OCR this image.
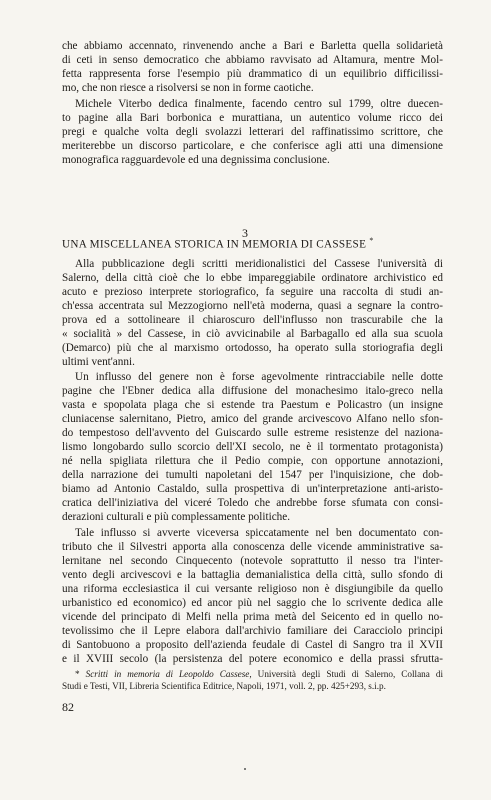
che abbiamo accennato, rinvenendo anche a Bari e Barletta quella solidarietà
di ceti in senso democratico che abbiamo ravvisato ad Altamura, mentre Mol-
fetta rappresenta forse l'esempio più drammatico di un equilibrio difficilissi-
mo, che non riesce a risolversi se non in forme caotiche.
Michele Viterbo dedica finalmente, facendo centro sul 1799, oltre duecen-
to pagine alla Bari borbonica e murattiana, un autentico volume ricco dei
pregi e qualche volta degli svolazzi letterari del raffinatissimo scrittore, che
meriterebbe un discorso particolare, e che conferisce agli atti una dimensione
monografica ragguardevole ed una degnissima conclusione.
3
UNA MISCELLANEA STORICA IN MEMORIA DI CASSESE *
Alla pubblicazione degli scritti meridionalistici del Cassese l'università di
Salerno, della città cioè che lo ebbe impareggiabile ordinatore archivistico ed
acuto e prezioso interprete storiografico, fa seguire una raccolta di studi an-
ch'essa accentrata sul Mezzogiorno nell'età moderna, quasi a segnare la contro-
prova ed a sottolineare il chiaroscuro dell'influsso non trascurabile che la
« socialità » del Cassese, in ciò avvicinabile al Barbagallo ed alla sua scuola
(Demarco) più che al marxismo ortodosso, ha operato sulla storiografia degli
ultimi vent'anni.
Un influsso del genere non è forse agevolmente rintracciabile nelle dotte
pagine che l'Ebner dedica alla diffusione del monachesimo italo-greco nella
vasta e spopolata plaga che si estende tra Paestum e Policastro (un insigne
cluniacense salernitano, Pietro, amico del grande arcivescovo Alfano nello sfon-
do tempestoso dell'avvento del Guiscardo sulle estreme resistenze del naziona-
lismo longobardo sullo scorcio dell'XI secolo, ne è il tormentato protagonista)
né nella spigliata rilettura che il Pedio compie, con opportune annotazioni,
della narrazione dei tumulti napoletani del 1547 per l'inquisizione, che dob-
biamo ad Antonio Castaldo, sulla prospettiva di un'interpretazione anti-aristo-
cratica dell'iniziativa del viceré Toledo che andrebbe forse sfumata con consi-
derazioni culturali e più complessamente politiche.
Tale influsso si avverte viceversa spiccatamente nel ben documentato con-
tributo che il Silvestri apporta alla conoscenza delle vicende amministrative sa-
lernitane nel secondo Cinquecento (notevole soprattutto il nesso tra l'inter-
vento degli arcivescovi e la battaglia demanialistica della città, sullo sfondo di
una riforma ecclesiastica il cui versante religioso non è disgiungibile da quello
urbanistico ed economico) ed ancor più nel saggio che lo scrivente dedica alle
vicende del principato di Melfi nella prima metà del Seicento ed in quello no-
tevolissimo che il Lepre elabora dall'archivio familiare dei Caracciolo principi
di Santobuono a proposito dell'azienda feudale di Castel di Sangro tra il XVII
e il XVIII secolo (la persistenza del potere economico e della prassi sfrutta-
82
* Scritti in memoria di Leopoldo Cassese, Università degli Studi di Salerno, Collana di
Studi e Testi, VII, Libreria Scientifica Editrice, Napoli, 1971, voll. 2, pp. 425+293, s.i.p.
